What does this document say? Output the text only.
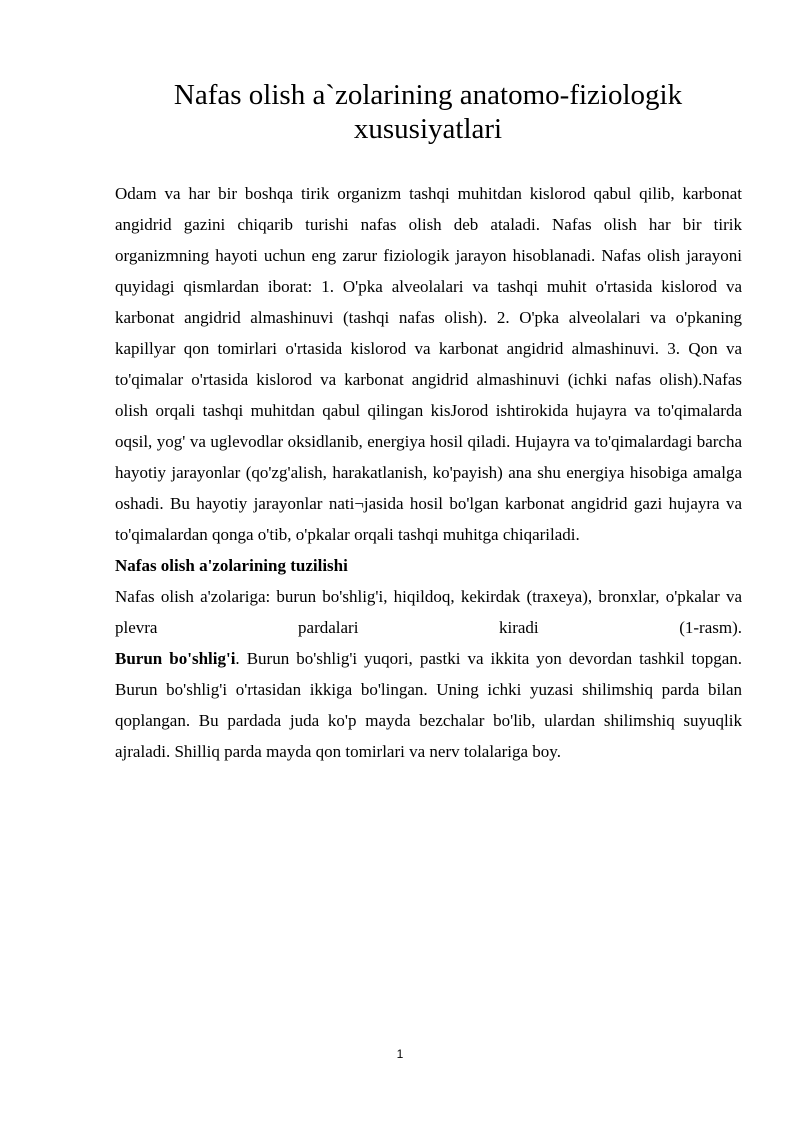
Nafas olish a`zolarining anatomo-fiziologik xususiyatlari

Odam va har bir boshqa tirik organizm tashqi muhitdan kislorod qabul qilib, karbonat angidrid gazini chiqarib turishi nafas olish deb ataladi. Nafas olish har bir tirik organizmning hayoti uchun eng zarur fiziologik jarayon hisoblanadi. Nafas olish jarayoni quyidagi qismlardan iborat: 1. O'pka alveolalari va tashqi muhit o'rtasida kislorod va karbonat angidrid almashinuvi (tashqi nafas olish). 2. O'pka alveolalari va o'pkaning kapillyar qon tomirlari o'rtasida kislorod va karbonat angidrid almashinuvi. 3. Qon va to'qimalar o'rtasida kislorod va karbonat angidrid almashinuvi (ichki nafas olish).Nafas olish orqali tashqi muhitdan qabul qilingan kisJorod ishtirokida hujayra va to'qimalarda oqsil, yog' va uglevodlar oksidlanib, energiya hosil qiladi. Hujayra va to'qimalardagi barcha hayotiy jarayonlar (qo'zg'alish, harakatlanish, ko'payish) ana shu energiya hisobiga amalga oshadi. Bu hayotiy jarayonlar nati¬jasida hosil bo'lgan karbonat angidrid gazi hujayra va to'qimalardan qonga o'tib, o'pkalar orqali tashqi muhitga chiqariladi.

Nafas olish a'zolarining tuzilishi

Nafas olish a'zolariga: burun bo'shlig'i, hiqildoq, kekirdak (traxeya), bronxlar, o'pkalar va plevra pardalari kiradi (1-rasm).

Burun bo'shlig'i. Burun bo'shlig'i yuqori, pastki va ikkita yon devordan tashkil topgan. Burun bo'shlig'i o'rtasidan ikkiga bo'lingan. Uning ichki yuzasi shilimshiq parda bilan qoplangan. Bu pardada juda ko'p mayda bezchalar bo'lib, ulardan shilimshiq suyuqlik ajraladi. Shilliq parda mayda qon tomirlari va nerv tolalariga boy.

1
